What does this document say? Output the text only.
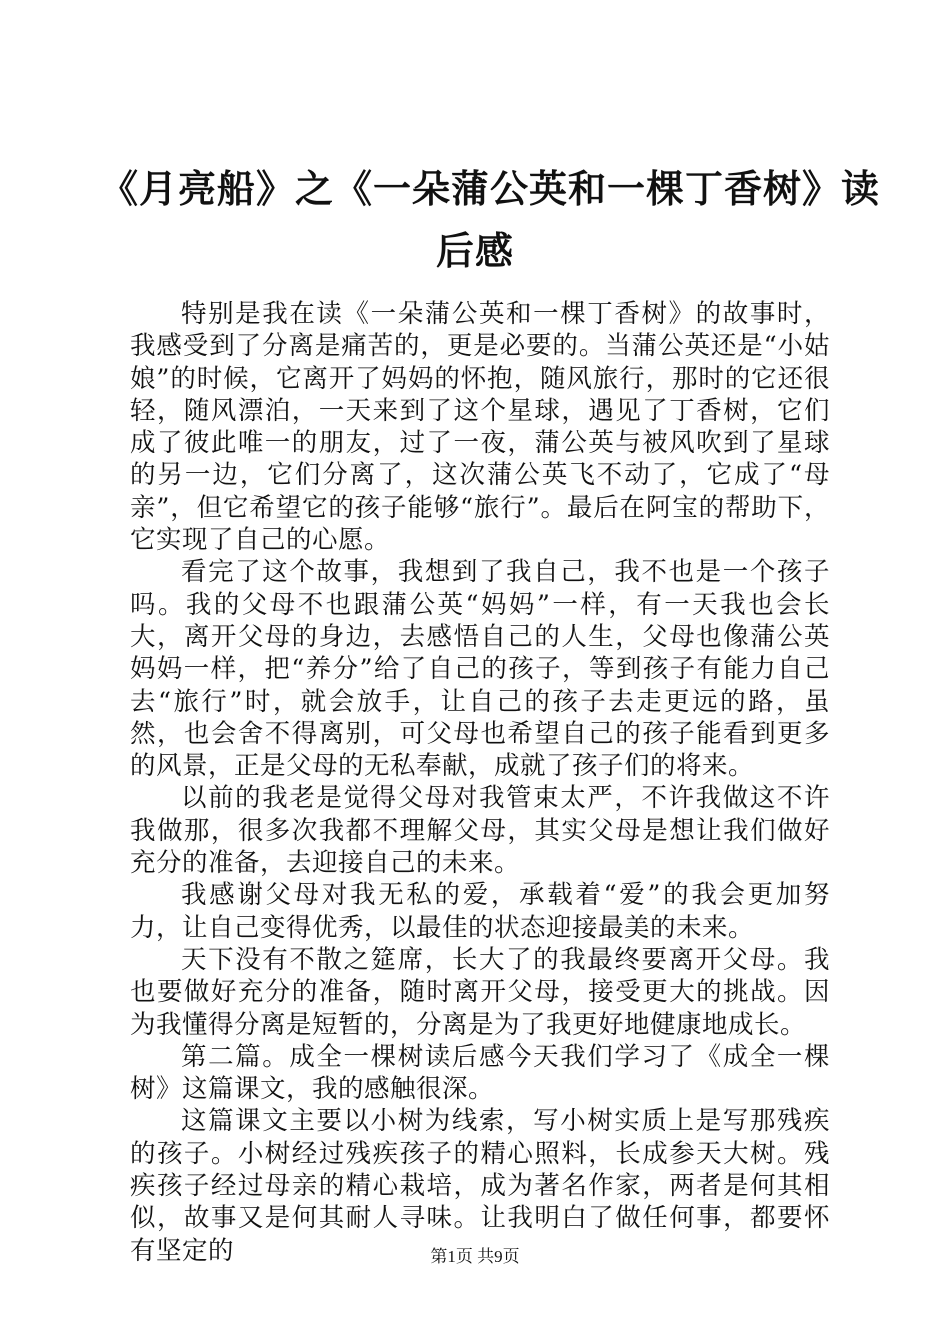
《月亮船》之《一朵蒲公英和一棵丁香树》读
后感

特别是我在读《一朵蒲公英和一棵丁香树》的故事时，我感受到了分离是痛苦的，更是必要的。当蒲公英还是“小姑娘”的时候，它离开了妈妈的怀抱，随风旅行，那时的它还很轻，随风漂泊，一天来到了这个星球，遇见了丁香树，它们成了彼此唯一的朋友，过了一夜，蒲公英与被风吹到了星球的另一边，它们分离了，这次蒲公英飞不动了，它成了“母亲”，但它希望它的孩子能够“旅行”。最后在阿宝的帮助下，它实现了自己的心愿。

看完了这个故事，我想到了我自己，我不也是一个孩子吗。我的父母不也跟蒲公英“妈妈”一样，有一天我也会长大，离开父母的身边，去感悟自己的人生，父母也像蒲公英妈妈一样，把“养分”给了自己的孩子，等到孩子有能力自己去“旅行”时，就会放手，让自己的孩子去走更远的路，虽然，也会舍不得离别，可父母也希望自己的孩子能看到更多的风景，正是父母的无私奉献，成就了孩子们的将来。

以前的我老是觉得父母对我管束太严，不许我做这不许我做那，很多次我都不理解父母，其实父母是想让我们做好充分的准备，去迎接自己的未来。

我感谢父母对我无私的爱，承载着“爱”的我会更加努力，让自己变得优秀，以最佳的状态迎接最美的未来。

天下没有不散之筵席，长大了的我最终要离开父母。我也要做好充分的准备，随时离开父母，接受更大的挑战。因为我懂得分离是短暂的，分离是为了我更好地健康地成长。

第二篇。成全一棵树读后感今天我们学习了《成全一棵树》这篇课文，我的感触很深。

这篇课文主要以小树为线索，写小树实质上是写那残疾的孩子。小树经过残疾孩子的精心照料，长成参天大树。残疾孩子经过母亲的精心栽培，成为著名作家，两者是何其相似，故事又是何其耐人寻味。让我明白了做任何事，都要怀有坚定的	第1页 共9页
